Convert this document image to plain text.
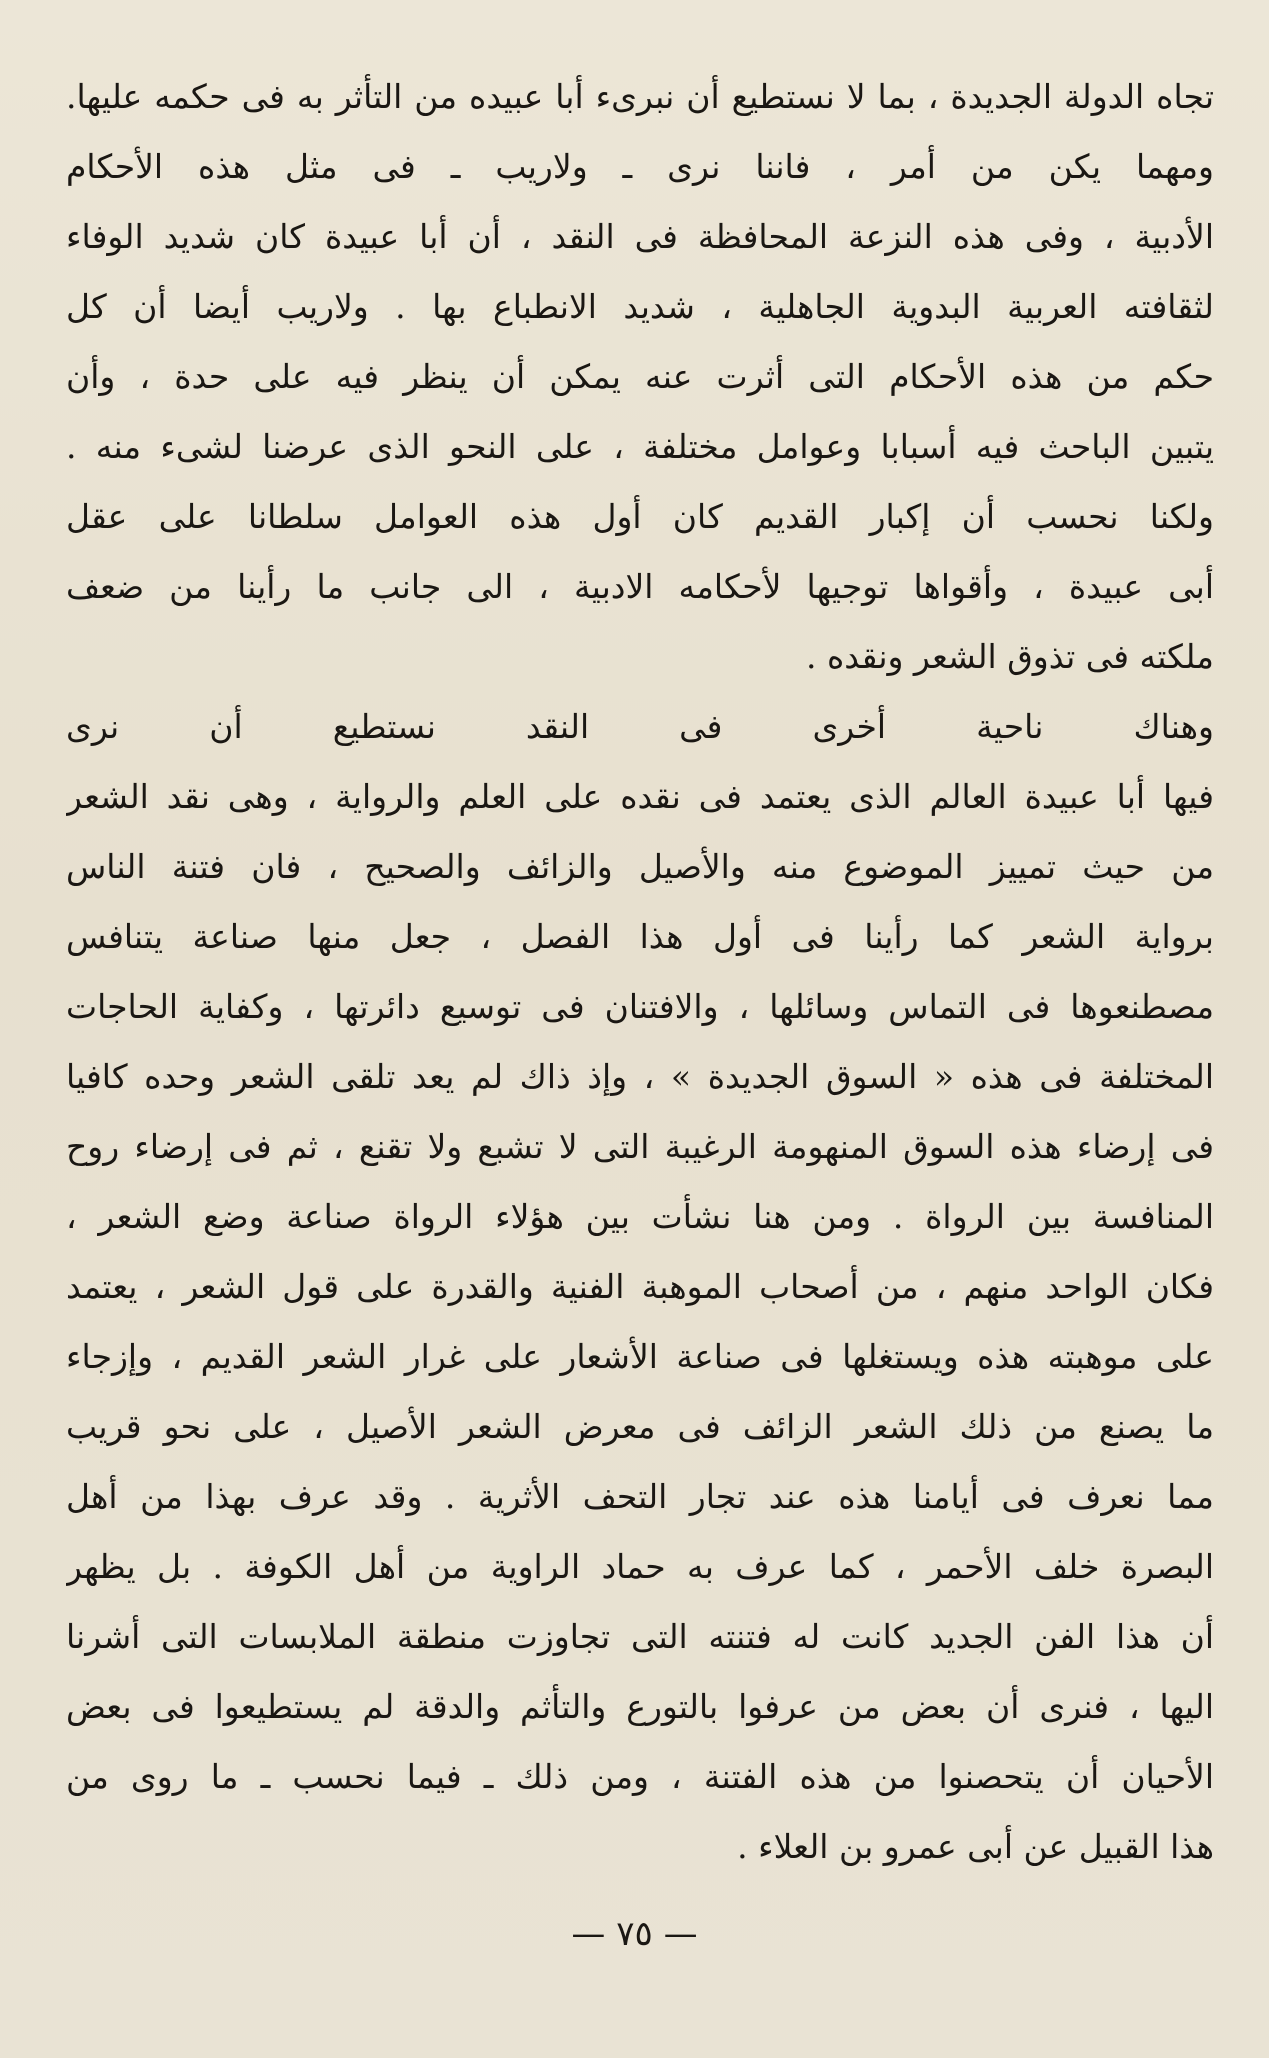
تجاه الدولة الجديدة ، بما لا نستطيع أن نبرىء أبا عبيده من التأثر به فى حكمه عليها.
ومهما يكن من أمر ، فاننا نرى ـ ولاريب ـ فى مثل هذه الأحكام
الأدبية ، وفى هذه النزعة المحافظة فى النقد ، أن أبا عبيدة كان شديد الوفاء
لثقافته العربية البدوية الجاهلية ، شديد الانطباع بها . ولاريب أيضا أن كل
حكم من هذه الأحكام التى أثرت عنه يمكن أن ينظر فيه على حدة ، وأن
يتبين الباحث فيه أسبابا وعوامل مختلفة ، على النحو الذى عرضنا لشىء منه .
ولكنا نحسب أن إكبار القديم كان أول هذه العوامل سلطانا على عقل
أبى عبيدة ، وأقواها توجيها لأحكامه الادبية ، الى جانب ما رأينا من ضعف
ملكته فى تذوق الشعر ونقده .
وهناك ناحية أخرى فى النقد نستطيع أن نرى
فيها أبا عبيدة العالم الذى يعتمد فى نقده على العلم والرواية ، وهى نقد الشعر
من حيث تمييز الموضوع منه والأصيل والزائف والصحيح ، فان فتنة الناس
برواية الشعر كما رأينا فى أول هذا الفصل ، جعل منها صناعة يتنافس
مصطنعوها فى التماس وسائلها ، والافتنان فى توسيع دائرتها ، وكفاية الحاجات
المختلفة فى هذه « السوق الجديدة » ، وإذ ذاك لم يعد تلقى الشعر وحده كافيا
فى إرضاء هذه السوق المنهومة الرغيبة التى لا تشبع ولا تقنع ، ثم فى إرضاء روح
المنافسة بين الرواة . ومن هنا نشأت بين هؤلاء الرواة صناعة وضع الشعر ،
فكان الواحد منهم ، من أصحاب الموهبة الفنية والقدرة على قول الشعر ، يعتمد
على موهبته هذه ويستغلها فى صناعة الأشعار على غرار الشعر القديم ، وإزجاء
ما يصنع من ذلك الشعر الزائف فى معرض الشعر الأصيل ، على نحو قريب
مما نعرف فى أيامنا هذه عند تجار التحف الأثرية . وقد عرف بهذا من أهل
البصرة خلف الأحمر ، كما عرف به حماد الراوية من أهل الكوفة . بل يظهر
أن هذا الفن الجديد كانت له فتنته التى تجاوزت منطقة الملابسات التى أشرنا
اليها ، فنرى أن بعض من عرفوا بالتورع والتأثم والدقة لم يستطيعوا فى بعض
الأحيان أن يتحصنوا من هذه الفتنة ، ومن ذلك ـ فيما نحسب ـ ما روى من
هذا القبيل عن أبى عمرو بن العلاء .
— ٧٥ —
